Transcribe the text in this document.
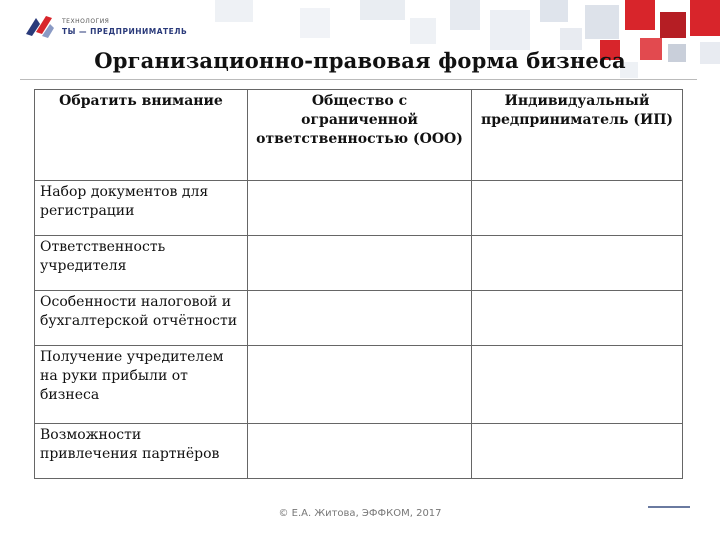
ТЕХНОЛОГИЯ
ТЫ — ПРЕДПРИНИМАТЕЛЬ
Организационно-правовая форма бизнеса
Обратить внимание	Общество с ограниченной ответственностью (ООО)	Индивидуальный предприниматель (ИП)
Набор документов для регистрации		
Ответственность учредителя		
Особенности налоговой и бухгалтерской отчётности		
Получение учредителем на руки прибыли от бизнеса		
Возможности привлечения партнёров		
© Е.А. Житова, ЭФФКОМ, 2017
